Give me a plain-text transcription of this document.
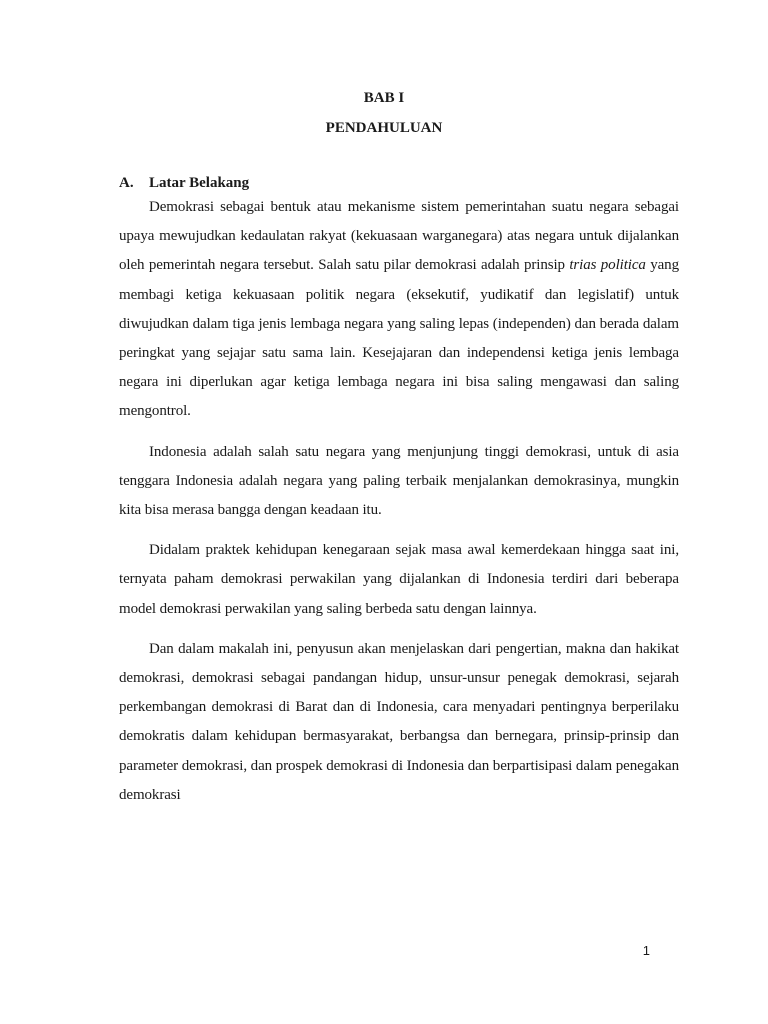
BAB I
PENDAHULUAN
A. Latar Belakang

Demokrasi sebagai bentuk atau mekanisme sistem pemerintahan suatu negara sebagai upaya mewujudkan kedaulatan rakyat (kekuasaan warganegara) atas negara untuk dijalankan oleh pemerintah negara tersebut. Salah satu pilar demokrasi adalah prinsip trias politica yang membagi ketiga kekuasaan politik negara (eksekutif, yudikatif dan legislatif) untuk diwujudkan dalam tiga jenis lembaga negara yang saling lepas (independen) dan berada dalam peringkat yang sejajar satu sama lain. Kesejajaran dan independensi ketiga jenis lembaga negara ini diperlukan agar ketiga lembaga negara ini bisa saling mengawasi dan saling mengontrol.

Indonesia adalah salah satu negara yang menjunjung tinggi demokrasi, untuk di asia tenggara Indonesia adalah negara yang paling terbaik menjalankan demokrasinya, mungkin kita bisa merasa bangga dengan keadaan itu.

Didalam praktek kehidupan kenegaraan sejak masa awal kemerdekaan hingga saat ini, ternyata paham demokrasi perwakilan yang dijalankan di Indonesia terdiri dari beberapa model demokrasi perwakilan yang saling berbeda satu dengan lainnya.

Dan dalam makalah ini, penyusun akan menjelaskan dari pengertian, makna dan hakikat demokrasi, demokrasi sebagai pandangan hidup, unsur-unsur penegak demokrasi, sejarah perkembangan demokrasi di Barat dan di Indonesia, cara menyadari pentingnya berperilaku demokratis dalam kehidupan bermasyarakat, berbangsa dan bernegara, prinsip-prinsip dan parameter demokrasi, dan prospek demokrasi di Indonesia dan berpartisipasi dalam penegakan demokrasi

1
